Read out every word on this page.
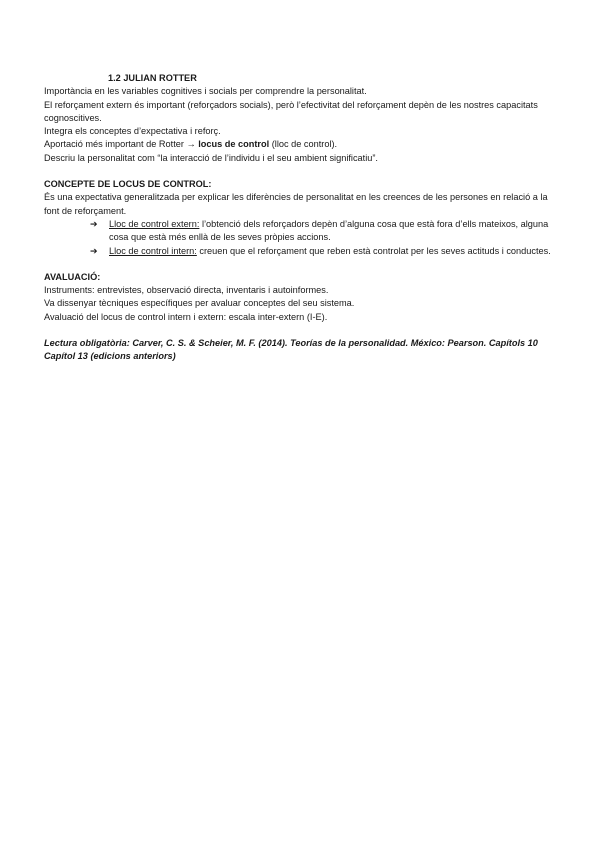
1.2 JULIAN ROTTER

Importància en les variables cognitives i socials per comprendre la personalitat.

El reforçament extern és important (reforçadors socials), però l’efectivitat del reforçament depèn de les nostres capacitats cognoscitives.

Integra els conceptes d’expectativa i reforç.

Aportació més important de Rotter → locus de control (lloc de control).

Descriu la personalitat com “la interacció de l’individu i el seu ambient significatiu”.

CONCEPTE DE LOCUS DE CONTROL:

És una expectativa generalitzada per explicar les diferències de personalitat en les creences de les persones en relació a la font de reforçament.

➔ Lloc de control extern: l’obtenció dels reforçadors depèn d’alguna cosa que està fora d’ells mateixos, alguna cosa que està més enllà de les seves pròpies accions.
➔ Lloc de control intern: creuen que el reforçament que reben està controlat per les seves actituds i conductes.

AVALUACIÓ:

Instruments: entrevistes, observació directa, inventaris i autoinformes.

Va dissenyar tècniques específiques per avaluar conceptes del seu sistema.

Avaluació del locus de control intern i extern: escala inter-extern (I-E).

Lectura obligatòria: Carver, C. S. & Scheier, M. F. (2014). Teorías de la personalidad. México: Pearson. Capítols 10 Capítol 13 (edicions anteriors)
